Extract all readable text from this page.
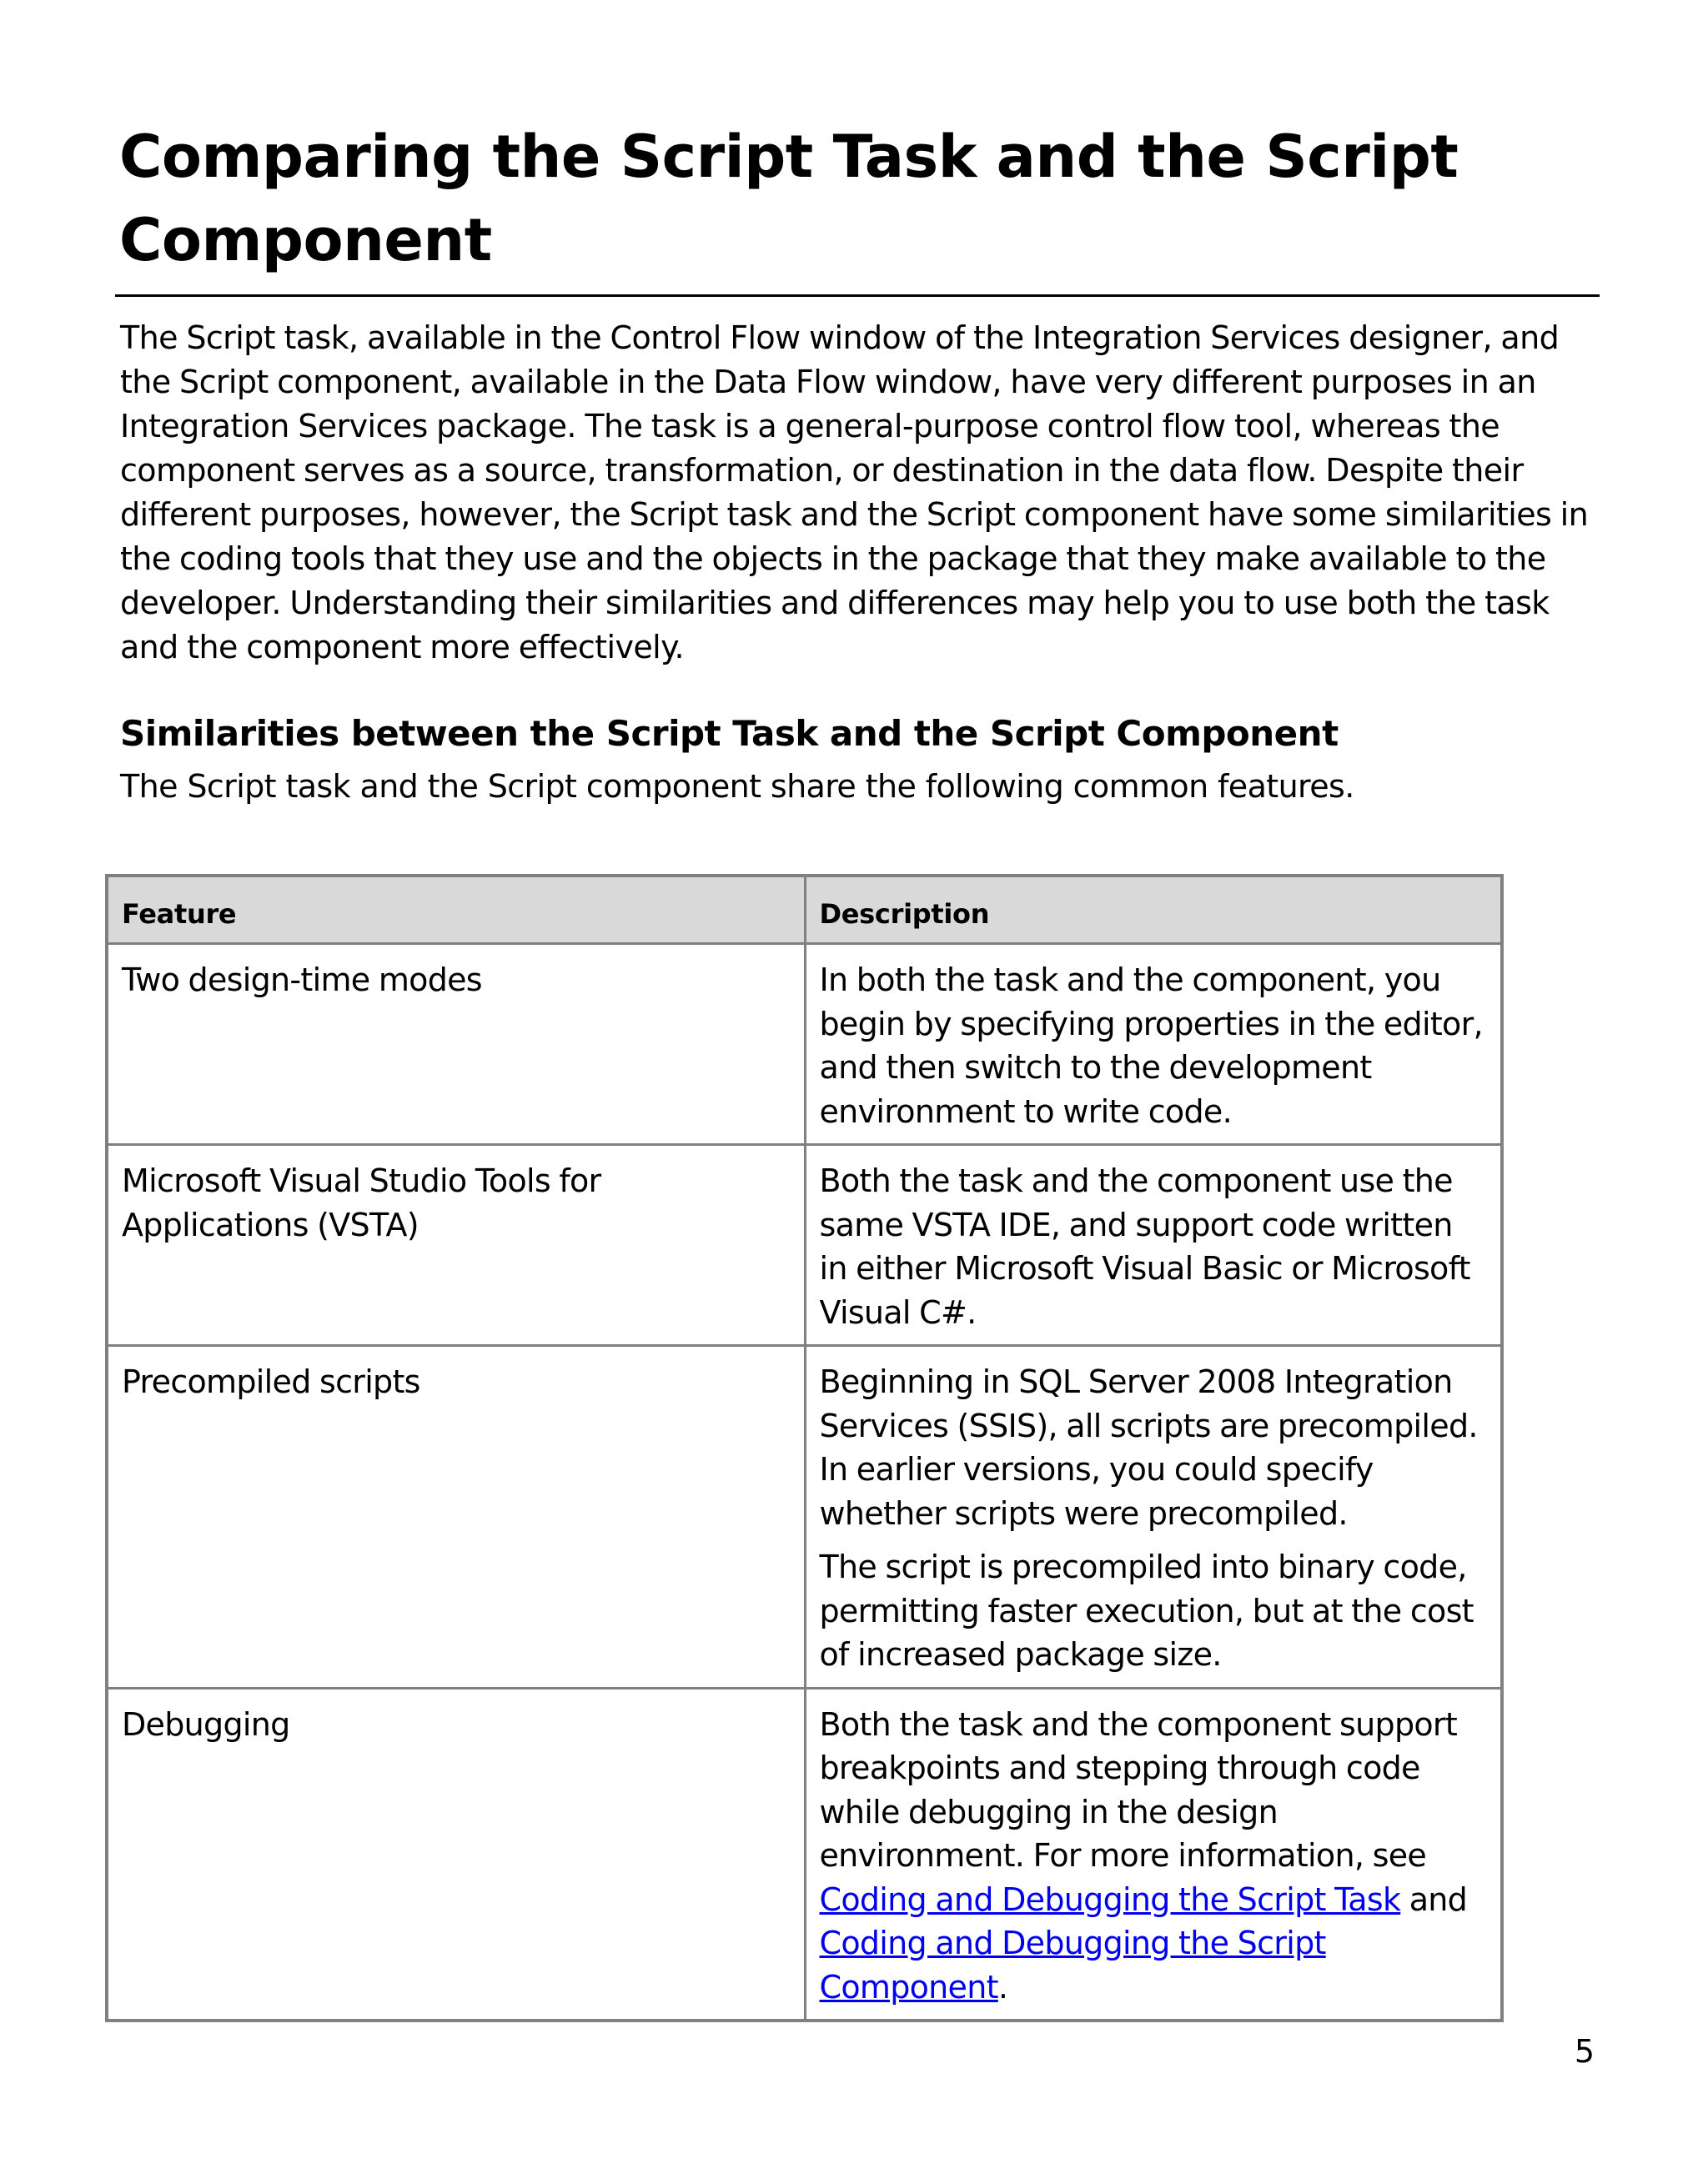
Comparing the Script Task and the Script Component

The Script task, available in the Control Flow window of the Integration Services designer, and the Script component, available in the Data Flow window, have very different purposes in an Integration Services package. The task is a general-purpose control flow tool, whereas the component serves as a source, transformation, or destination in the data flow. Despite their different purposes, however, the Script task and the Script component have some similarities in the coding tools that they use and the objects in the package that they make available to the developer. Understanding their similarities and differences may help you to use both the task and the component more effectively.

Similarities between the Script Task and the Script Component

The Script task and the Script component share the following common features.

Feature	Description
Two design-time modes	In both the task and the component, you begin by specifying properties in the editor, and then switch to the development environment to write code.

Microsoft Visual Studio Tools for Applications (VSTA)	Both the task and the component use the same VSTA IDE, and support code written in either Microsoft Visual Basic or Microsoft Visual C#.

Precompiled scripts	Beginning in SQL Server 2008 Integration Services (SSIS), all scripts are precompiled. In earlier versions, you could specify whether scripts were precompiled.

The script is precompiled into binary code, permitting faster execution, but at the cost of increased package size.

Debugging	Both the task and the component support breakpoints and stepping through code while debugging in the design environment. For more information, see Coding and Debugging the Script Task and Coding and Debugging the Script Component.

5
